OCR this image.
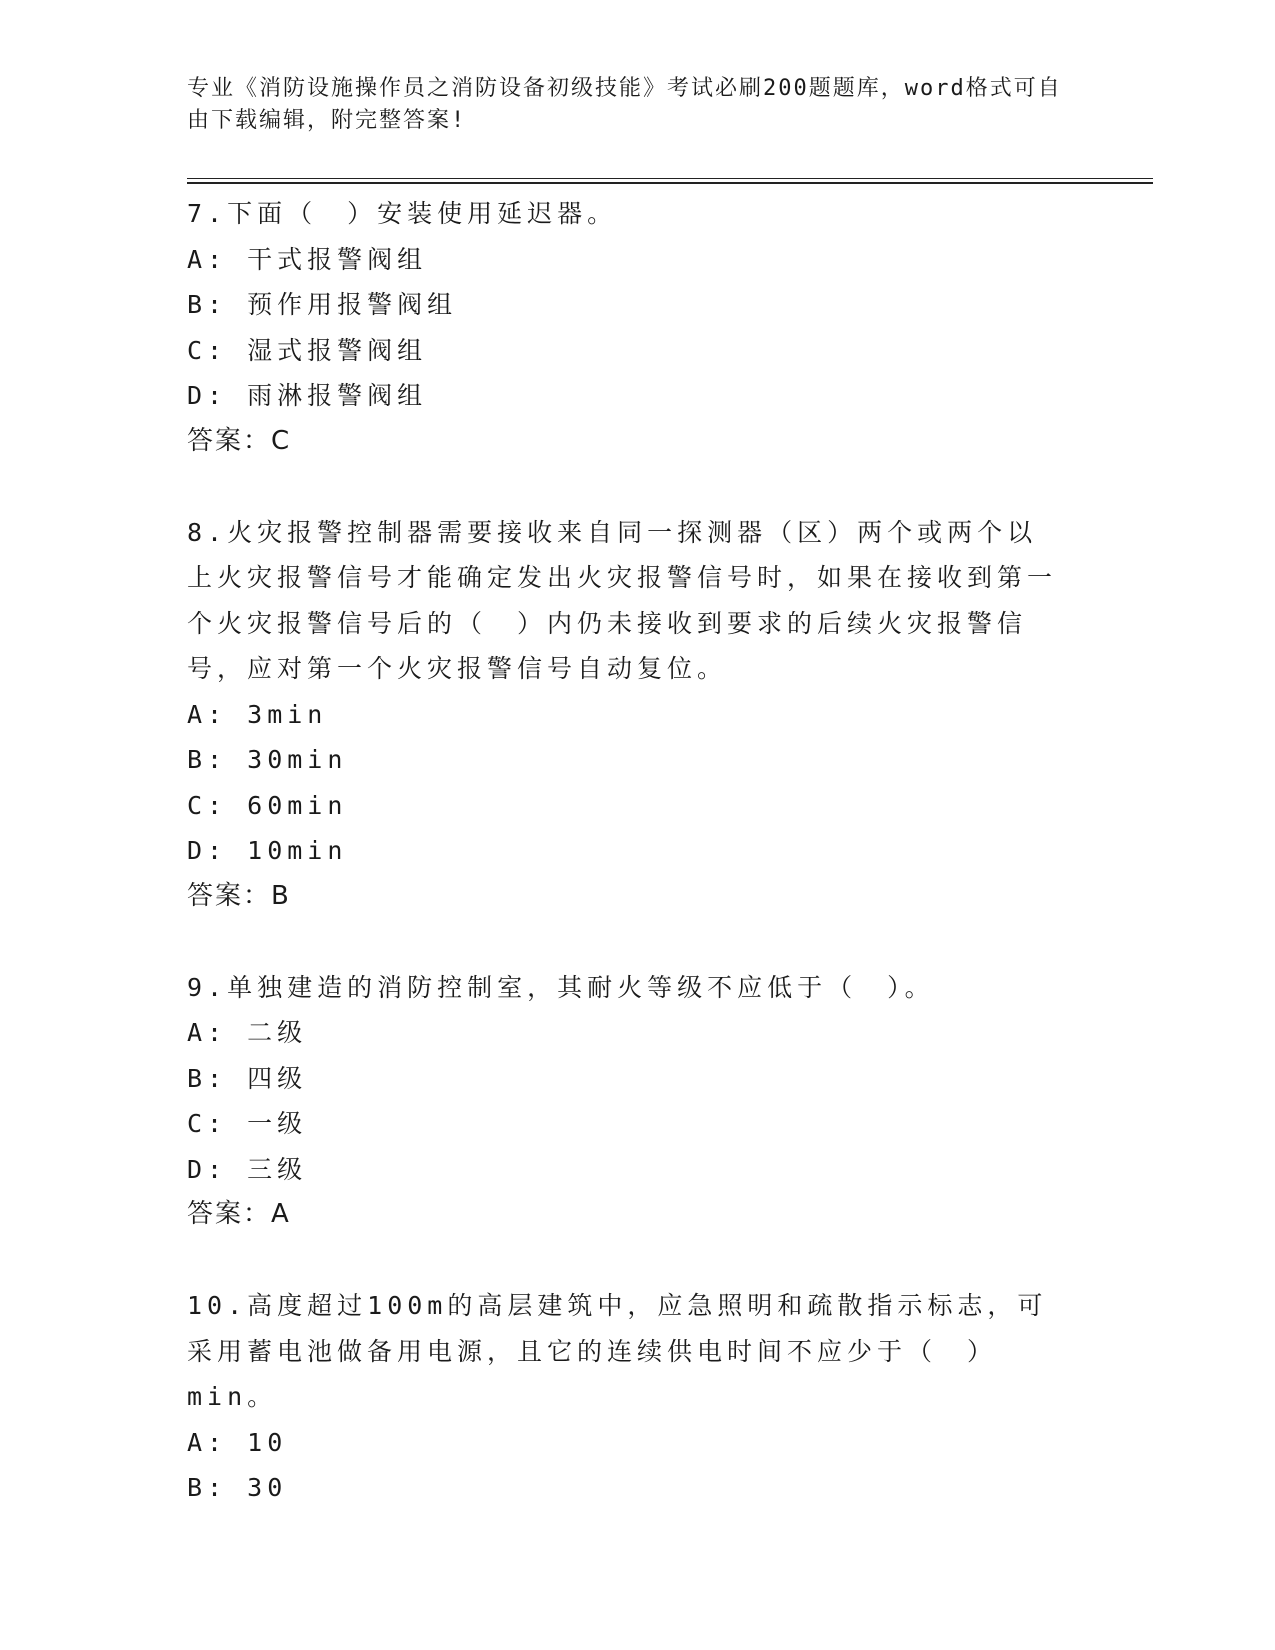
专业《消防设施操作员之消防设备初级技能》考试必刷200题题库，word格式可自由下载编辑，附完整答案!
7.下面（　）安装使用延迟器。
A: 干式报警阀组
B: 预作用报警阀组
C: 湿式报警阀组
D: 雨淋报警阀组
答案：C
8.火灾报警控制器需要接收来自同一探测器（区）两个或两个以上火灾报警信号才能确定发出火灾报警信号时，如果在接收到第一个火灾报警信号后的（　）内仍未接收到要求的后续火灾报警信号，应对第一个火灾报警信号自动复位。
A: 3min
B: 30min
C: 60min
D: 10min
答案：B
9.单独建造的消防控制室，其耐火等级不应低于（　）。
A: 二级
B: 四级
C: 一级
D: 三级
答案：A
10.高度超过100m的高层建筑中，应急照明和疏散指示标志，可采用蓄电池做备用电源，且它的连续供电时间不应少于（　）min。
A: 10
B: 30
